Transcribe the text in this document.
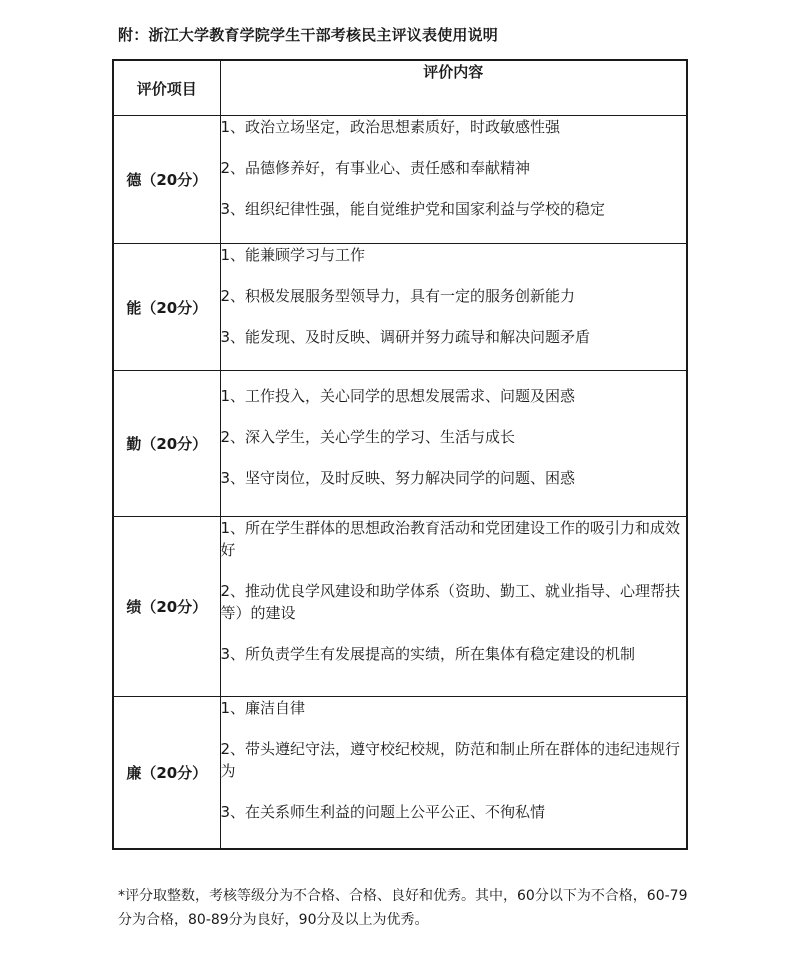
附：浙江大学教育学院学生干部考核民主评议表使用说明
评价项目	评价内容
德（20分）	1、政治立场坚定，政治思想素质好，时政敏感性强
2、品德修养好，有事业心、责任感和奉献精神
3、组织纪律性强，能自觉维护党和国家利益与学校的稳定

能（20分）	1、能兼顾学习与工作
2、积极发展服务型领导力，具有一定的服务创新能力
3、能发现、及时反映、调研并努力疏导和解决问题矛盾

勤（20分）	1、工作投入，关心同学的思想发展需求、问题及困惑
2、深入学生，关心学生的学习、生活与成长
3、坚守岗位，及时反映、努力解决同学的问题、困惑

绩（20分）	1、所在学生群体的思想政治教育活动和党团建设工作的吸引力和成效好
2、推动优良学风建设和助学体系（资助、勤工、就业指导、心理帮扶等）的建设
3、所负责学生有发展提高的实绩，所在集体有稳定建设的机制

廉（20分）	1、廉洁自律
2、带头遵纪守法，遵守校纪校规，防范和制止所在群体的违纪违规行为
3、在关系师生利益的问题上公平公正、不徇私情
*评分取整数，考核等级分为不合格、合格、良好和优秀。其中，60分以下为不合格，60-79分为合格，80-89分为良好，90分及以上为优秀。
